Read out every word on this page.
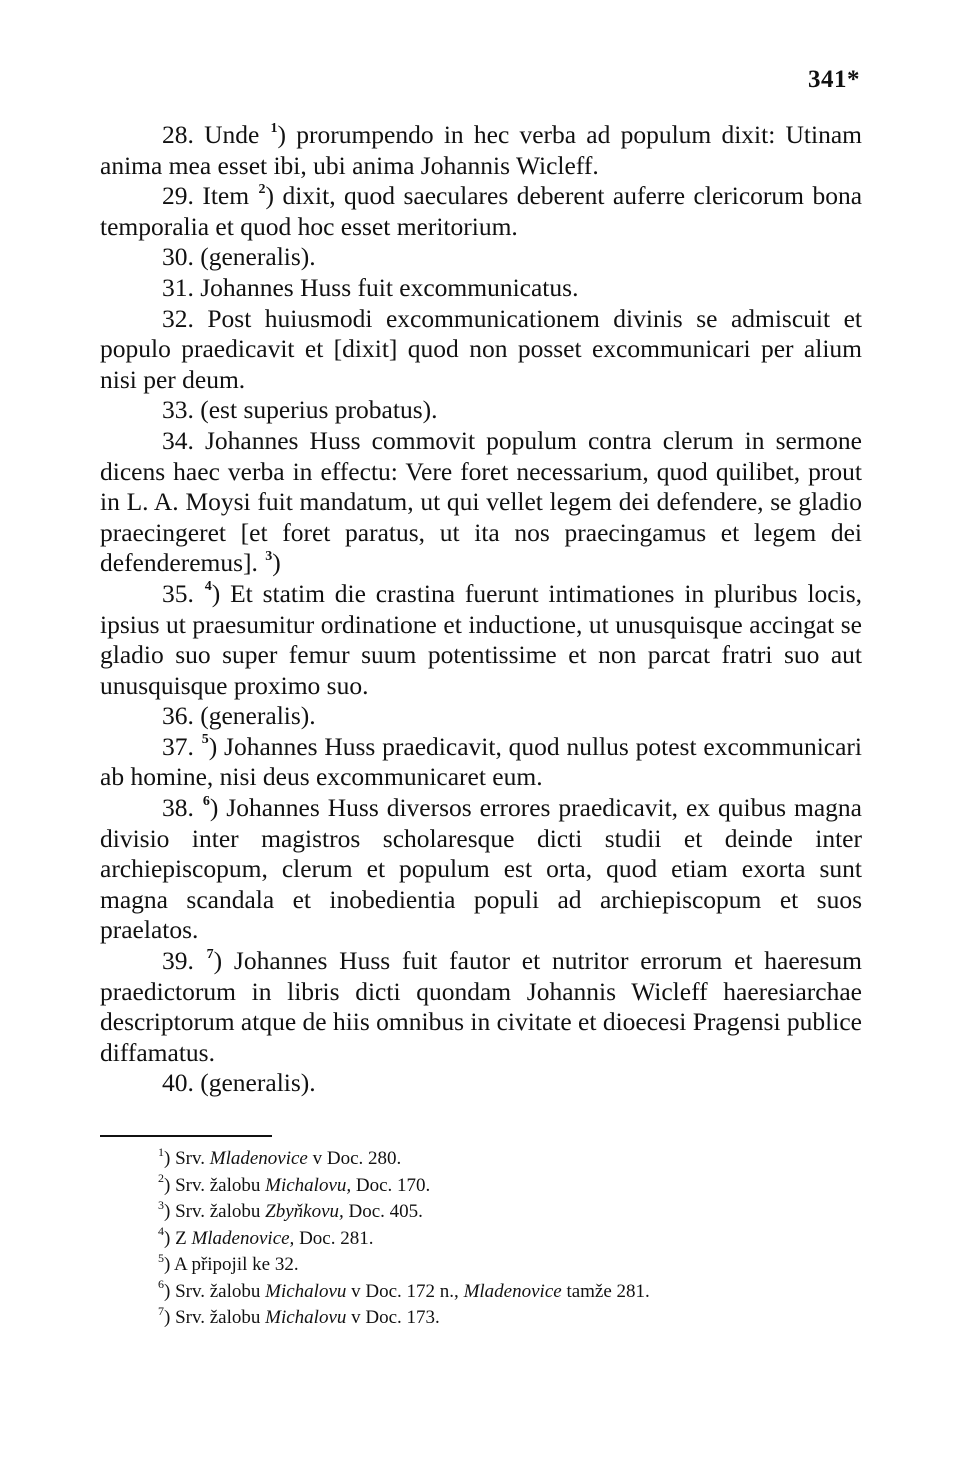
341*

28. Unde $^1$) prorumpendo in hec verba ad populum dixit: Utinam anima mea esset ibi, ubi anima Johannis Wicleff.

29. Item $^2$) dixit, quod saeculares deberent auferre clericorum bona temporalia et quod hoc esset meritorium.

30. (generalis).

31. Johannes Huss fuit excommunicatus.

32. Post huiusmodi excommunicationem divinis se admiscuit et populo praedicavit et [dixit] quod non posset excommunicari per alium nisi per deum.

33. (est superius probatus).

34. Johannes Huss commovit populum contra clerum in sermone dicens haec verba in effectu: Vere foret necessarium, quod quilibet, prout in L. A. Moysi fuit mandatum, ut qui vellet legem dei defendere, se gladio praecingeret [et foret paratus, ut ita nos praecingamus et legem dei defenderemus]. $^3$)

35. $^4$) Et statim die crastina fuerunt intimationes in pluribus locis, ipsius ut praesumitur ordinatione et inductione, ut unusquisque accingat se gladio suo super femur suum potentissime et non parcat fratri suo aut unusquisque proximo suo.

36. (generalis).

37. $^5$) Johannes Huss praedicavit, quod nullus potest excommunicari ab homine, nisi deus excommunicaret eum.

38. $^6$) Johannes Huss diversos errores praedicavit, ex quibus magna divisio inter magistros scholaresque dicti studii et deinde inter archiepiscopum, clerum et populum est orta, quod etiam exorta sunt magna scandala et inobedientia populi ad archiepiscopum et suos praelatos.

39. $^7$) Johannes Huss fuit fautor et nutritor errorum et haeresum praedictorum in libris dicti quondam Johannis Wicleff haeresiarchae descriptorum atque de hiis omnibus in civitate et dioecesi Pragensi publice diffamatus.

40. (generalis).

$^1$) Srv. Mladenovice v Doc. 280.
$^2$) Srv. žalobu Michalovu, Doc. 170.
$^3$) Srv. žalobu Zbyňkovu, Doc. 405.
$^4$) Z Mladenovice, Doc. 281.
$^5$) A připojil ke 32.
$^6$) Srv. žalobu Michalovu v Doc. 172 n., Mladenovice tamže 281.
$^7$) Srv. žalobu Michalovu v Doc. 173.
